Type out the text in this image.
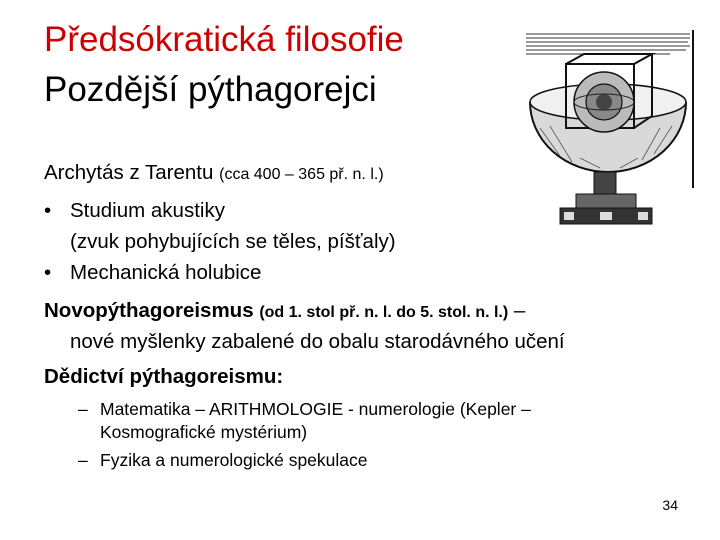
Předsókratická filosofie
Pozdější pýthagorejci
Archytás z Tarentu (cca 400 – 365 př. n. l.)
• Studium akustiky
(zvuk pohybujících se těles, píšťaly)
• Mechanická holubice
Novopýthagoreismus (od 1. stol př. n. l. do 5. stol. n. l.) –
nové myšlenky zabalené do obalu starodávného učení
Dědictví pýthagoreismu:
– Matematika – ARITHMOLOGIE - numerologie (Kepler –
Kosmografické mystérium)
– Fyzika a numerologické spekulace
34
